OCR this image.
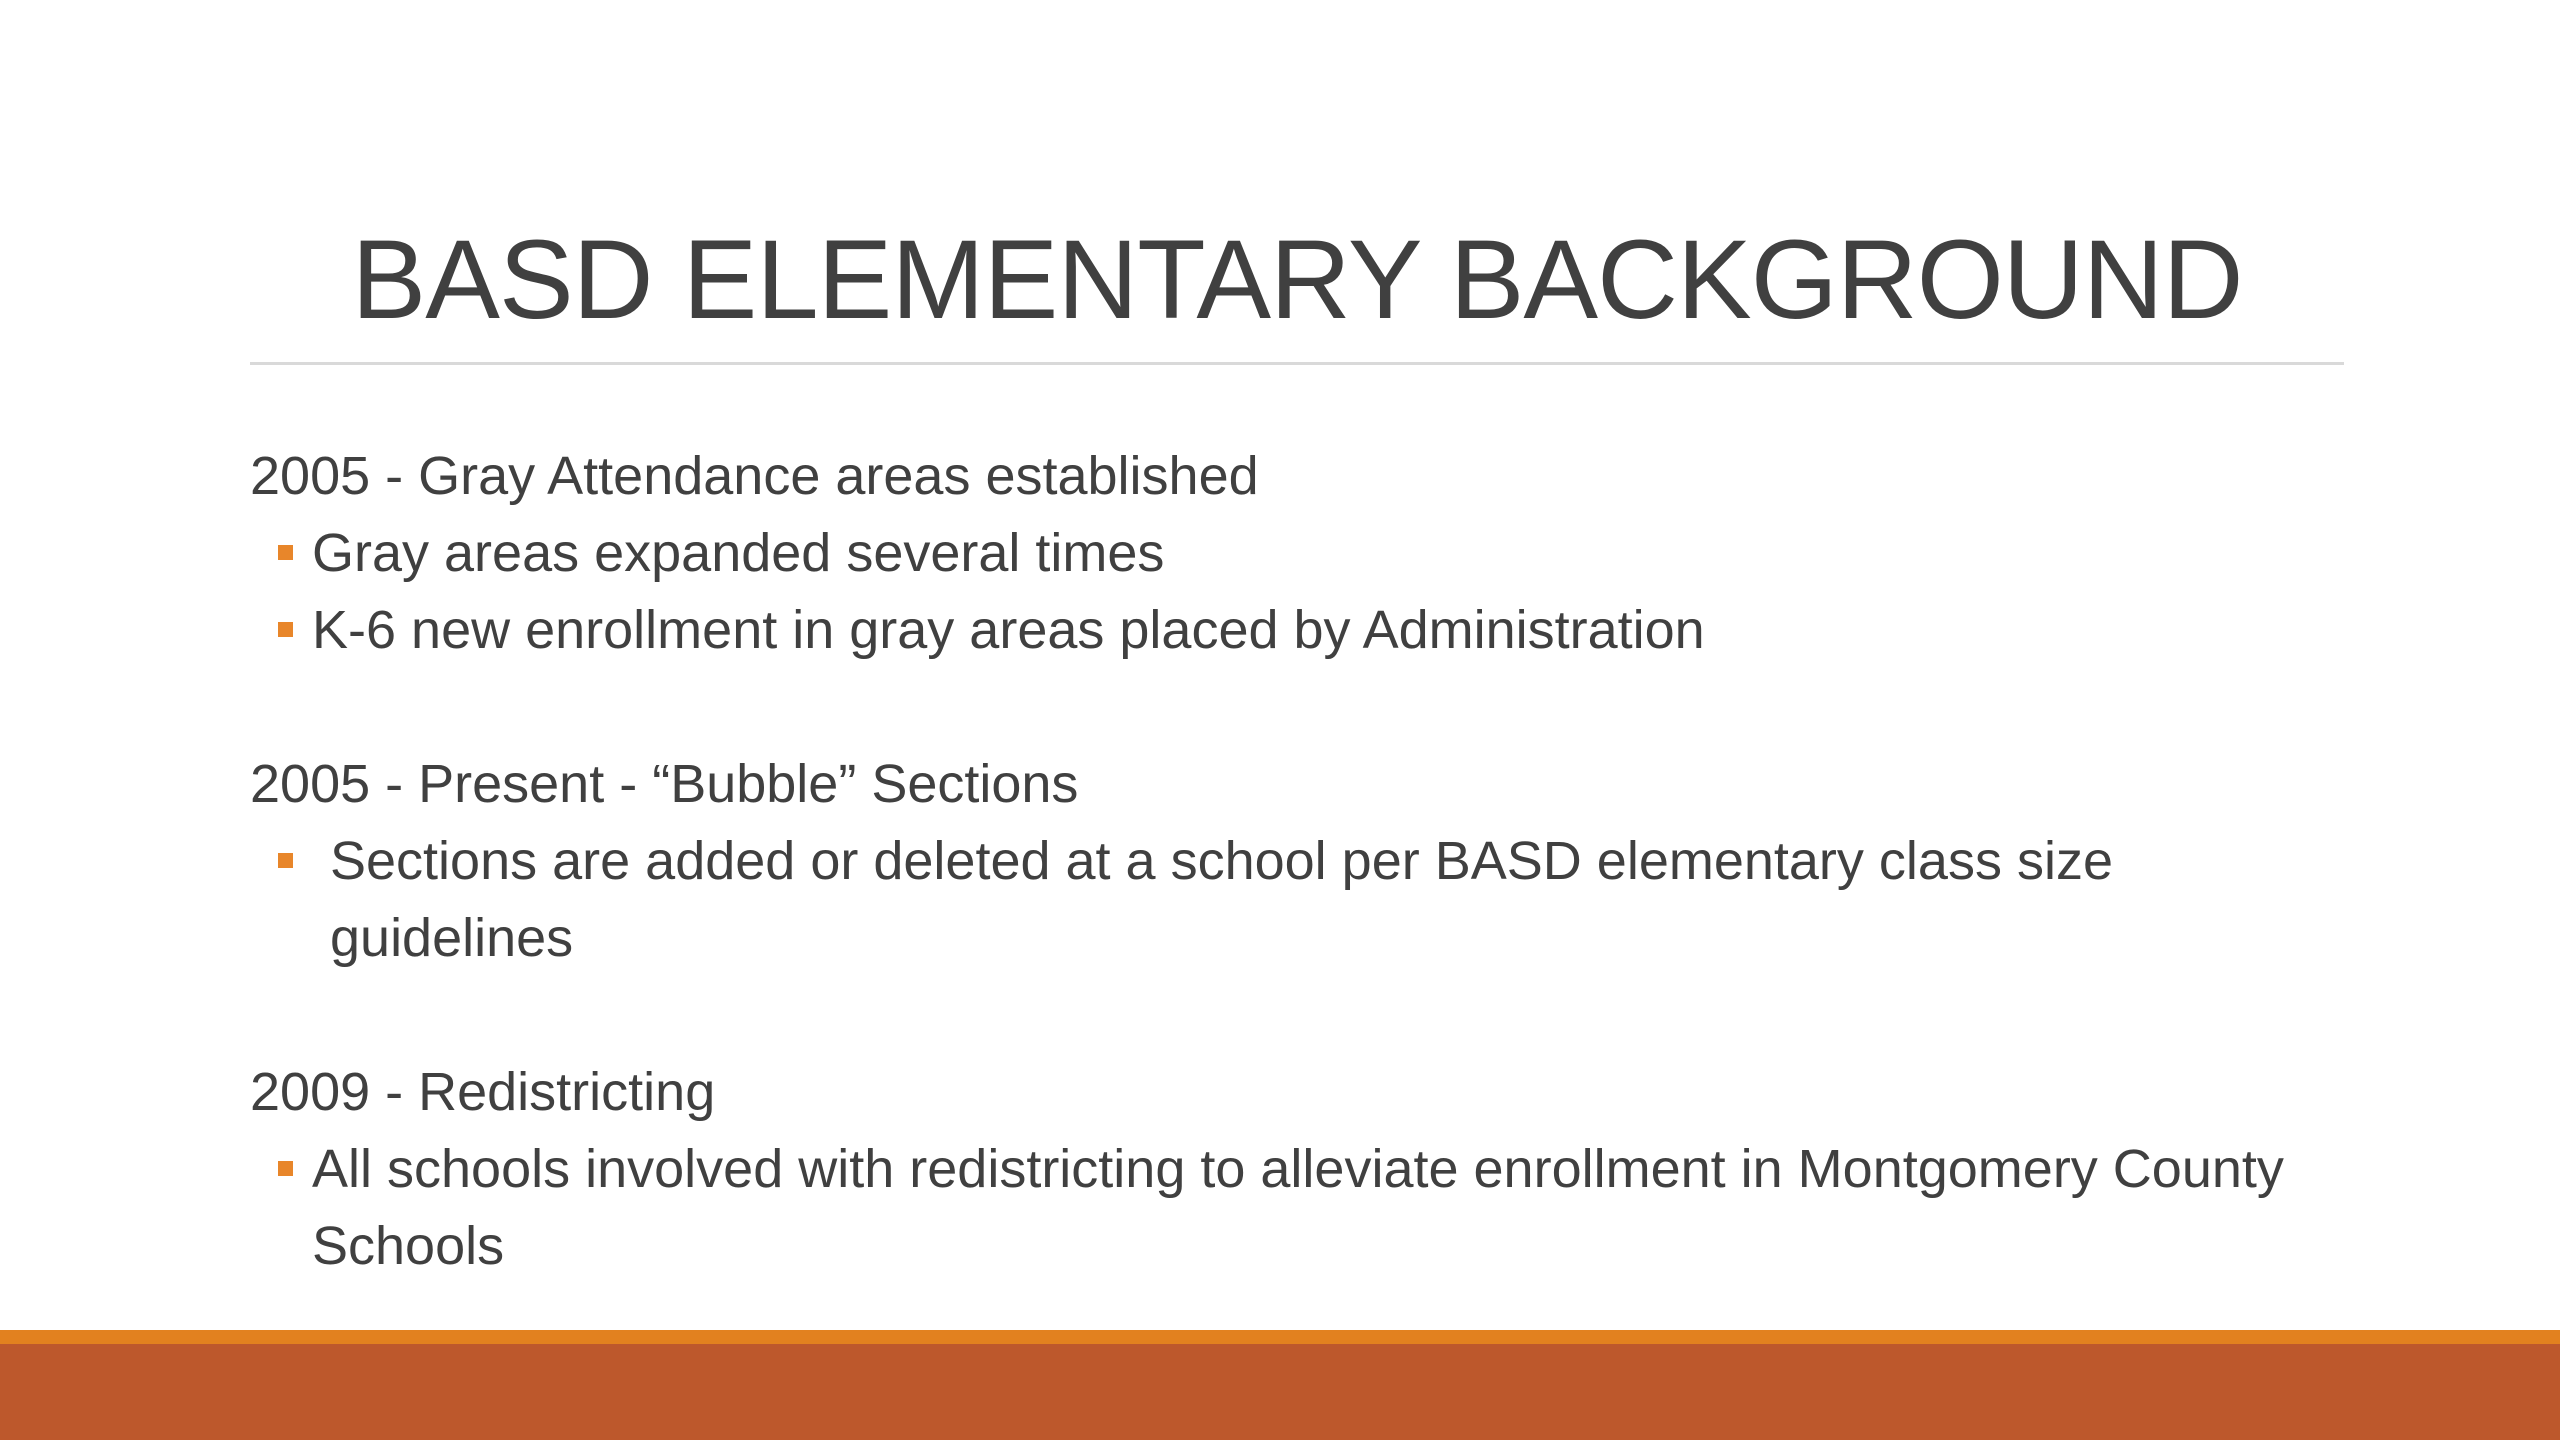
BASD ELEMENTARY BACKGROUND

2005 - Gray Attendance areas established

Gray areas expanded several times
K-6 new enrollment in gray areas placed by Administration

2005 - Present - “Bubble” Sections

Sections are added or deleted at a school per BASD elementary class size guidelines

2009 - Redistricting

All schools involved with redistricting to alleviate enrollment in Montgomery County Schools
